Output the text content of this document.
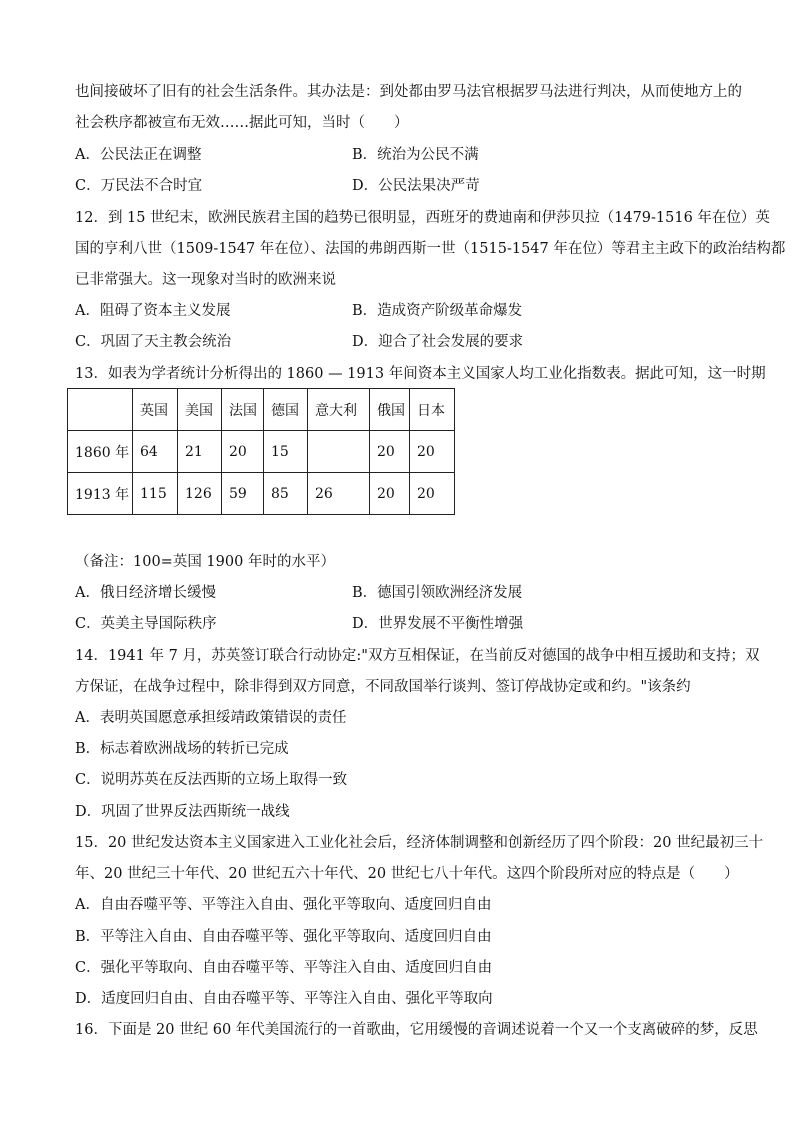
也间接破坏了旧有的社会生活条件。其办法是：到处都由罗马法官根据罗马法进行判决，从而使地方上的
社会秩序都被宣布无效……据此可知，当时（　　）
A．公民法正在调整	B．统治为公民不满
C．万民法不合时宜	D．公民法果决严苛
12．到 15 世纪末，欧洲民族君主国的趋势已很明显，西班牙的费迪南和伊莎贝拉（1479-1516 年在位）英
国的亨利八世（1509-1547 年在位）、法国的弗朗西斯一世（1515-1547 年在位）等君主主政下的政治结构都
已非常强大。这一现象对当时的欧洲来说
A．阻碍了资本主义发展	B．造成资产阶级革命爆发
C．巩固了天主教会统治	D．迎合了社会发展的要求
13．如表为学者统计分析得出的 1860 — 1913 年间资本主义国家人均工业化指数表。据此可知，这一时期
	英国	美国	法国	德国	意大利	俄国	日本
1860 年	64	21	20	15		20	20
1913 年	115	126	59	85	26	20	20
（备注：100=英国 1900 年时的水平）
A．俄日经济增长缓慢	B．德国引领欧洲经济发展
C．英美主导国际秩序	D．世界发展不平衡性增强
14．1941 年 7 月，苏英签订联合行动协定:"双方互相保证，在当前反对德国的战争中相互援助和支持；双
方保证，在战争过程中，除非得到双方同意，不同敌国举行谈判、签订停战协定或和约。"该条约
A．表明英国愿意承担绥靖政策错误的责任
B．标志着欧洲战场的转折已完成
C．说明苏英在反法西斯的立场上取得一致
D．巩固了世界反法西斯统一战线
15．20 世纪发达资本主义国家进入工业化社会后，经济体制调整和创新经历了四个阶段：20 世纪最初三十
年、20 世纪三十年代、20 世纪五六十年代、20 世纪七八十年代。这四个阶段所对应的特点是（　　）
A．自由吞噬平等、平等注入自由、强化平等取向、适度回归自由
B．平等注入自由、自由吞噬平等、强化平等取向、适度回归自由
C．强化平等取向、自由吞噬平等、平等注入自由、适度回归自由
D．适度回归自由、自由吞噬平等、平等注入自由、强化平等取向
16．下面是 20 世纪 60 年代美国流行的一首歌曲，它用缓慢的音调述说着一个又一个支离破碎的梦，反思
